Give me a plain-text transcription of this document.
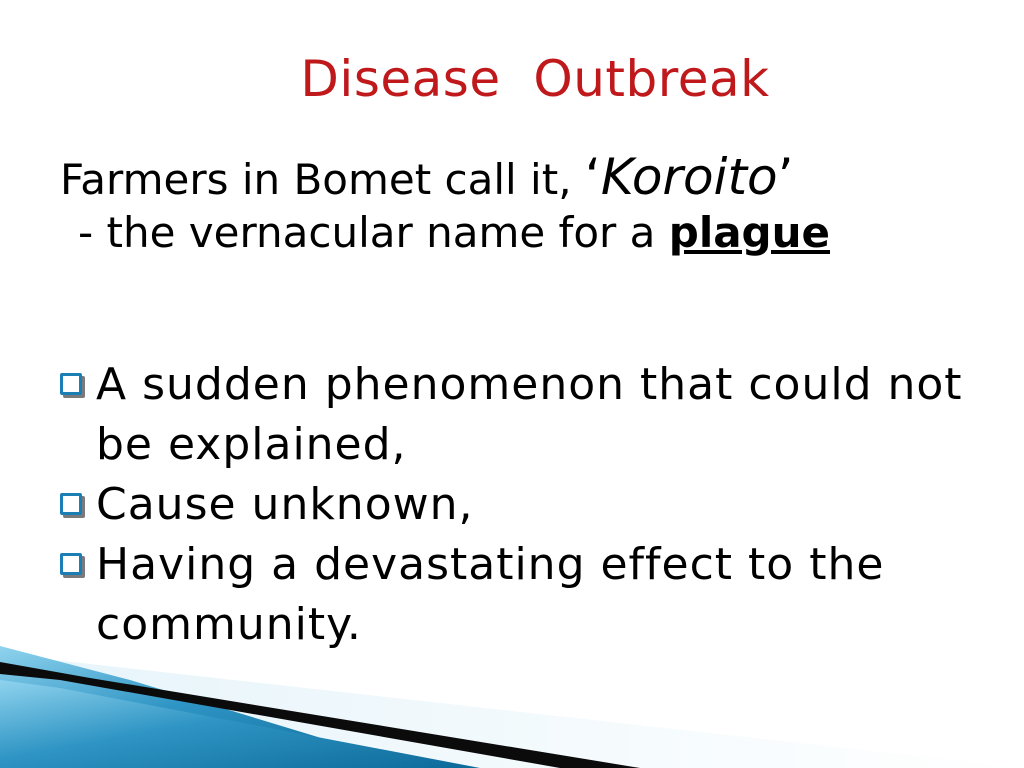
Disease  Outbreak
Farmers in Bomet call it, ‘Koroito’
- the vernacular name for a plague
A sudden phenomenon that could not be explained,
Cause unknown,
Having a devastating effect to the community.
